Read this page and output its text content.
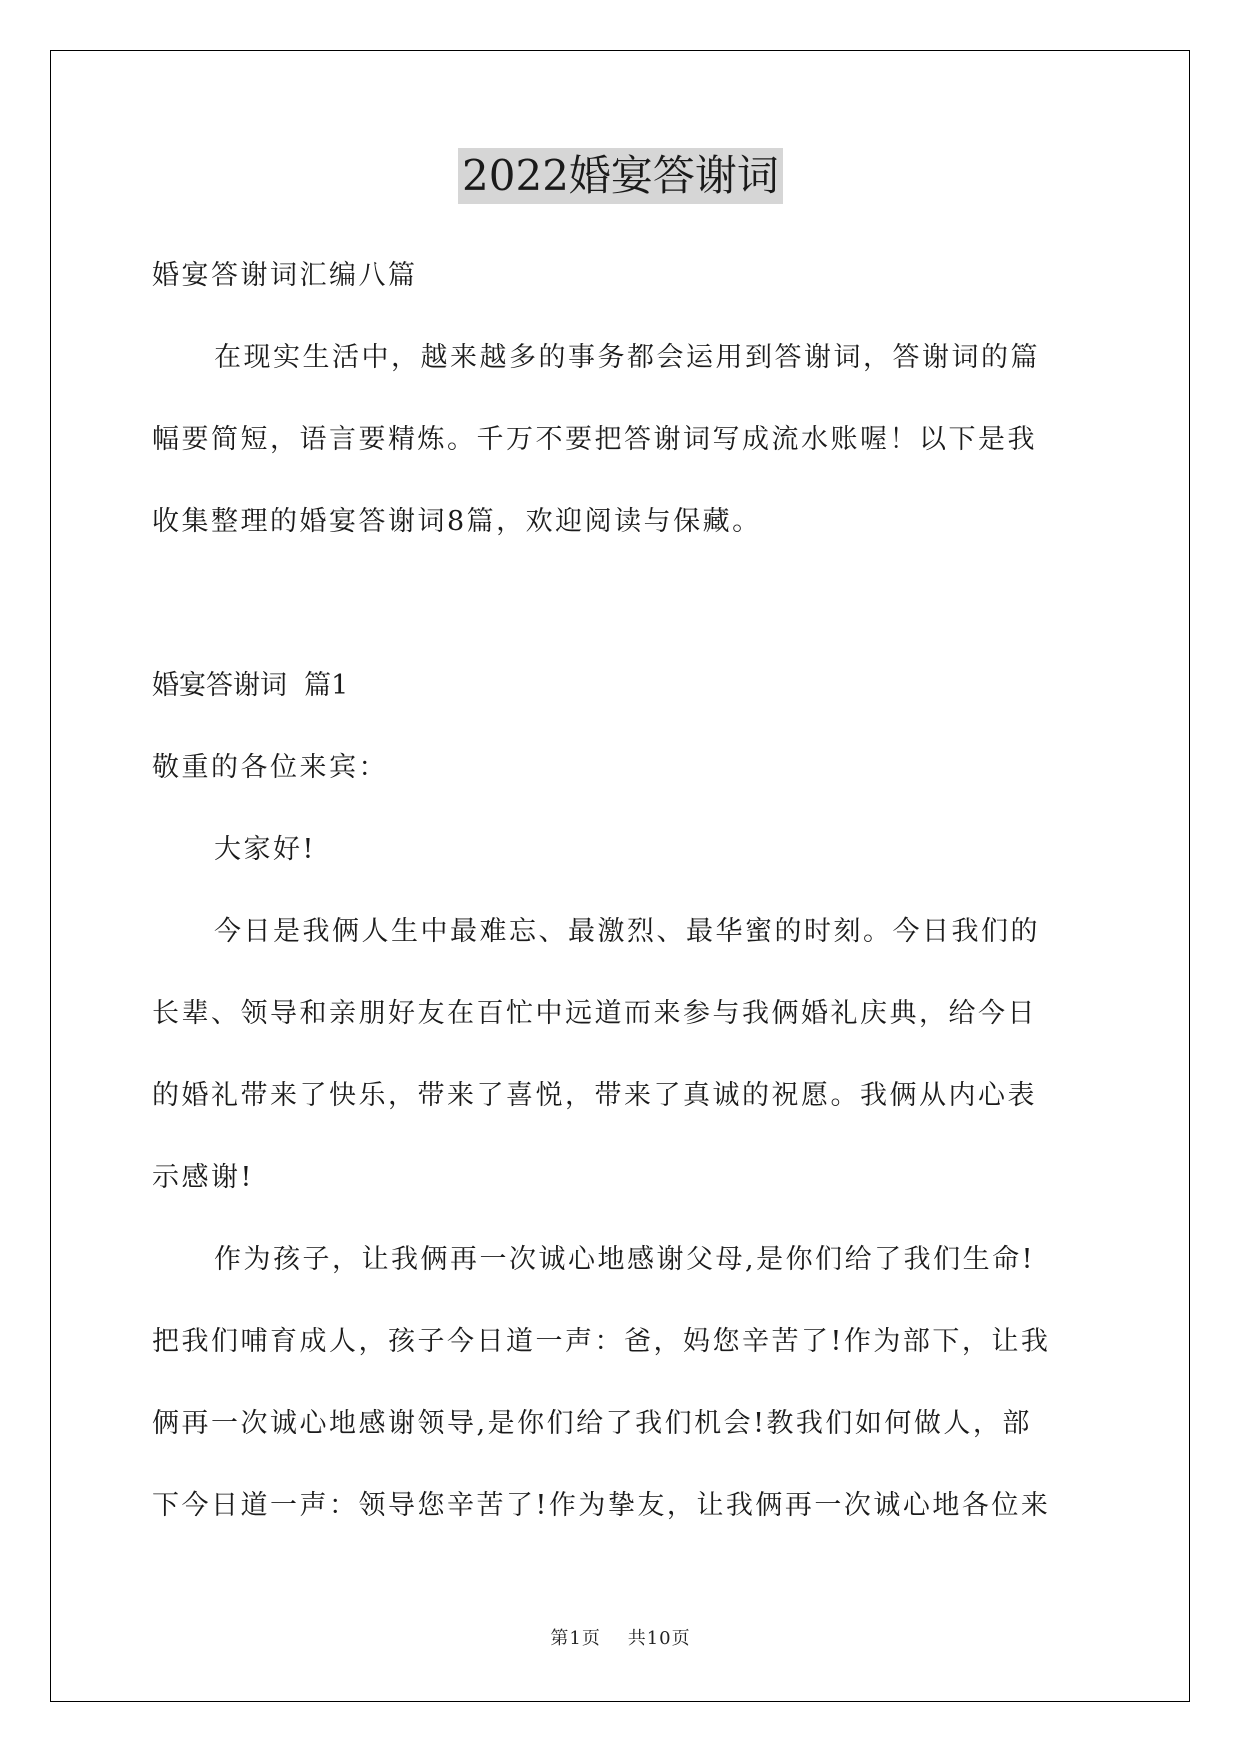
2022婚宴答谢词
婚宴答谢词汇编八篇
在现实生活中，越来越多的事务都会运用到答谢词，答谢词的篇
幅要简短，语言要精炼。千万不要把答谢词写成流水账喔！以下是我
收集整理的婚宴答谢词8篇，欢迎阅读与保藏。
婚宴答谢词  篇1
敬重的各位来宾：
大家好!
今日是我俩人生中最难忘、最激烈、最华蜜的时刻。今日我们的
长辈、领导和亲朋好友在百忙中远道而来参与我俩婚礼庆典，给今日
的婚礼带来了快乐，带来了喜悦，带来了真诚的祝愿。我俩从内心表
示感谢!
作为孩子，让我俩再一次诚心地感谢父母,是你们给了我们生命!
把我们哺育成人，孩子今日道一声：爸，妈您辛苦了!作为部下，让我
俩再一次诚心地感谢领导,是你们给了我们机会!教我们如何做人，部
下今日道一声：领导您辛苦了!作为挚友，让我俩再一次诚心地各位来
第1页    共10页
